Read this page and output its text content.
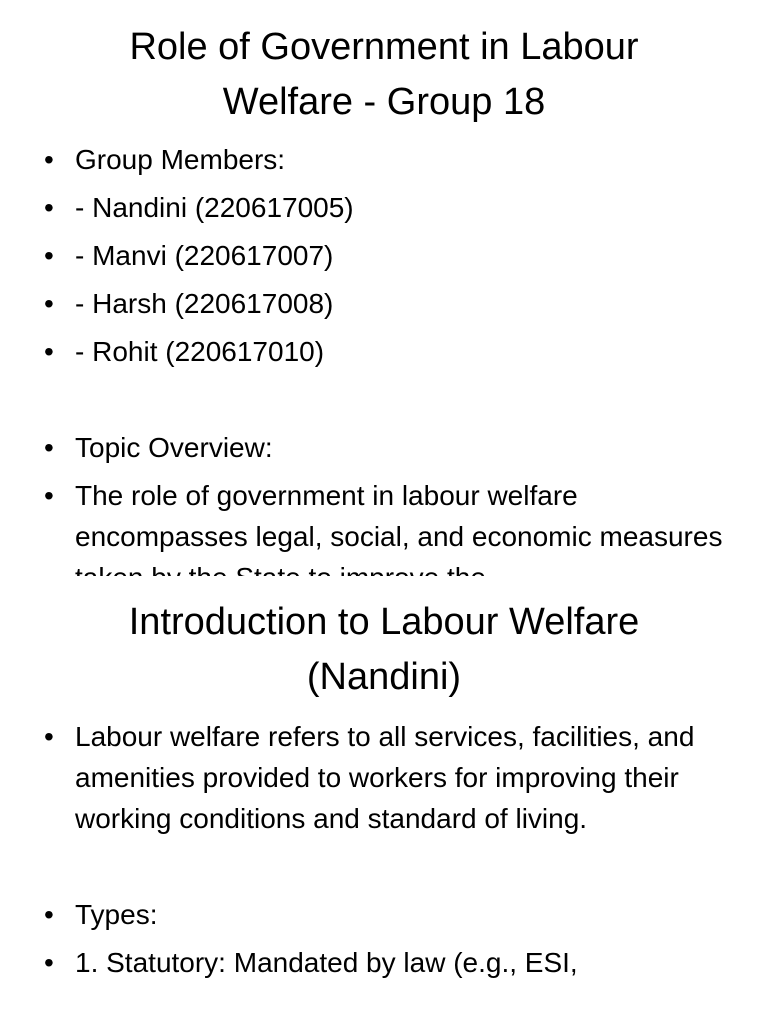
Role of Government in Labour
Welfare - Group 18
• Group Members:
• - Nandini (220617005)
• - Manvi (220617007)
• - Harsh (220617008)
• - Rohit (220617010)
• Topic Overview:
• The role of government in labour welfare encompasses legal, social, and economic measures
Introduction to Labour Welfare
(Nandini)
• Labour welfare refers to all services, facilities, and amenities provided to workers for improving their working conditions and standard of living.
• Types:
• 1. Statutory: Mandated by law (e.g., ESI,
